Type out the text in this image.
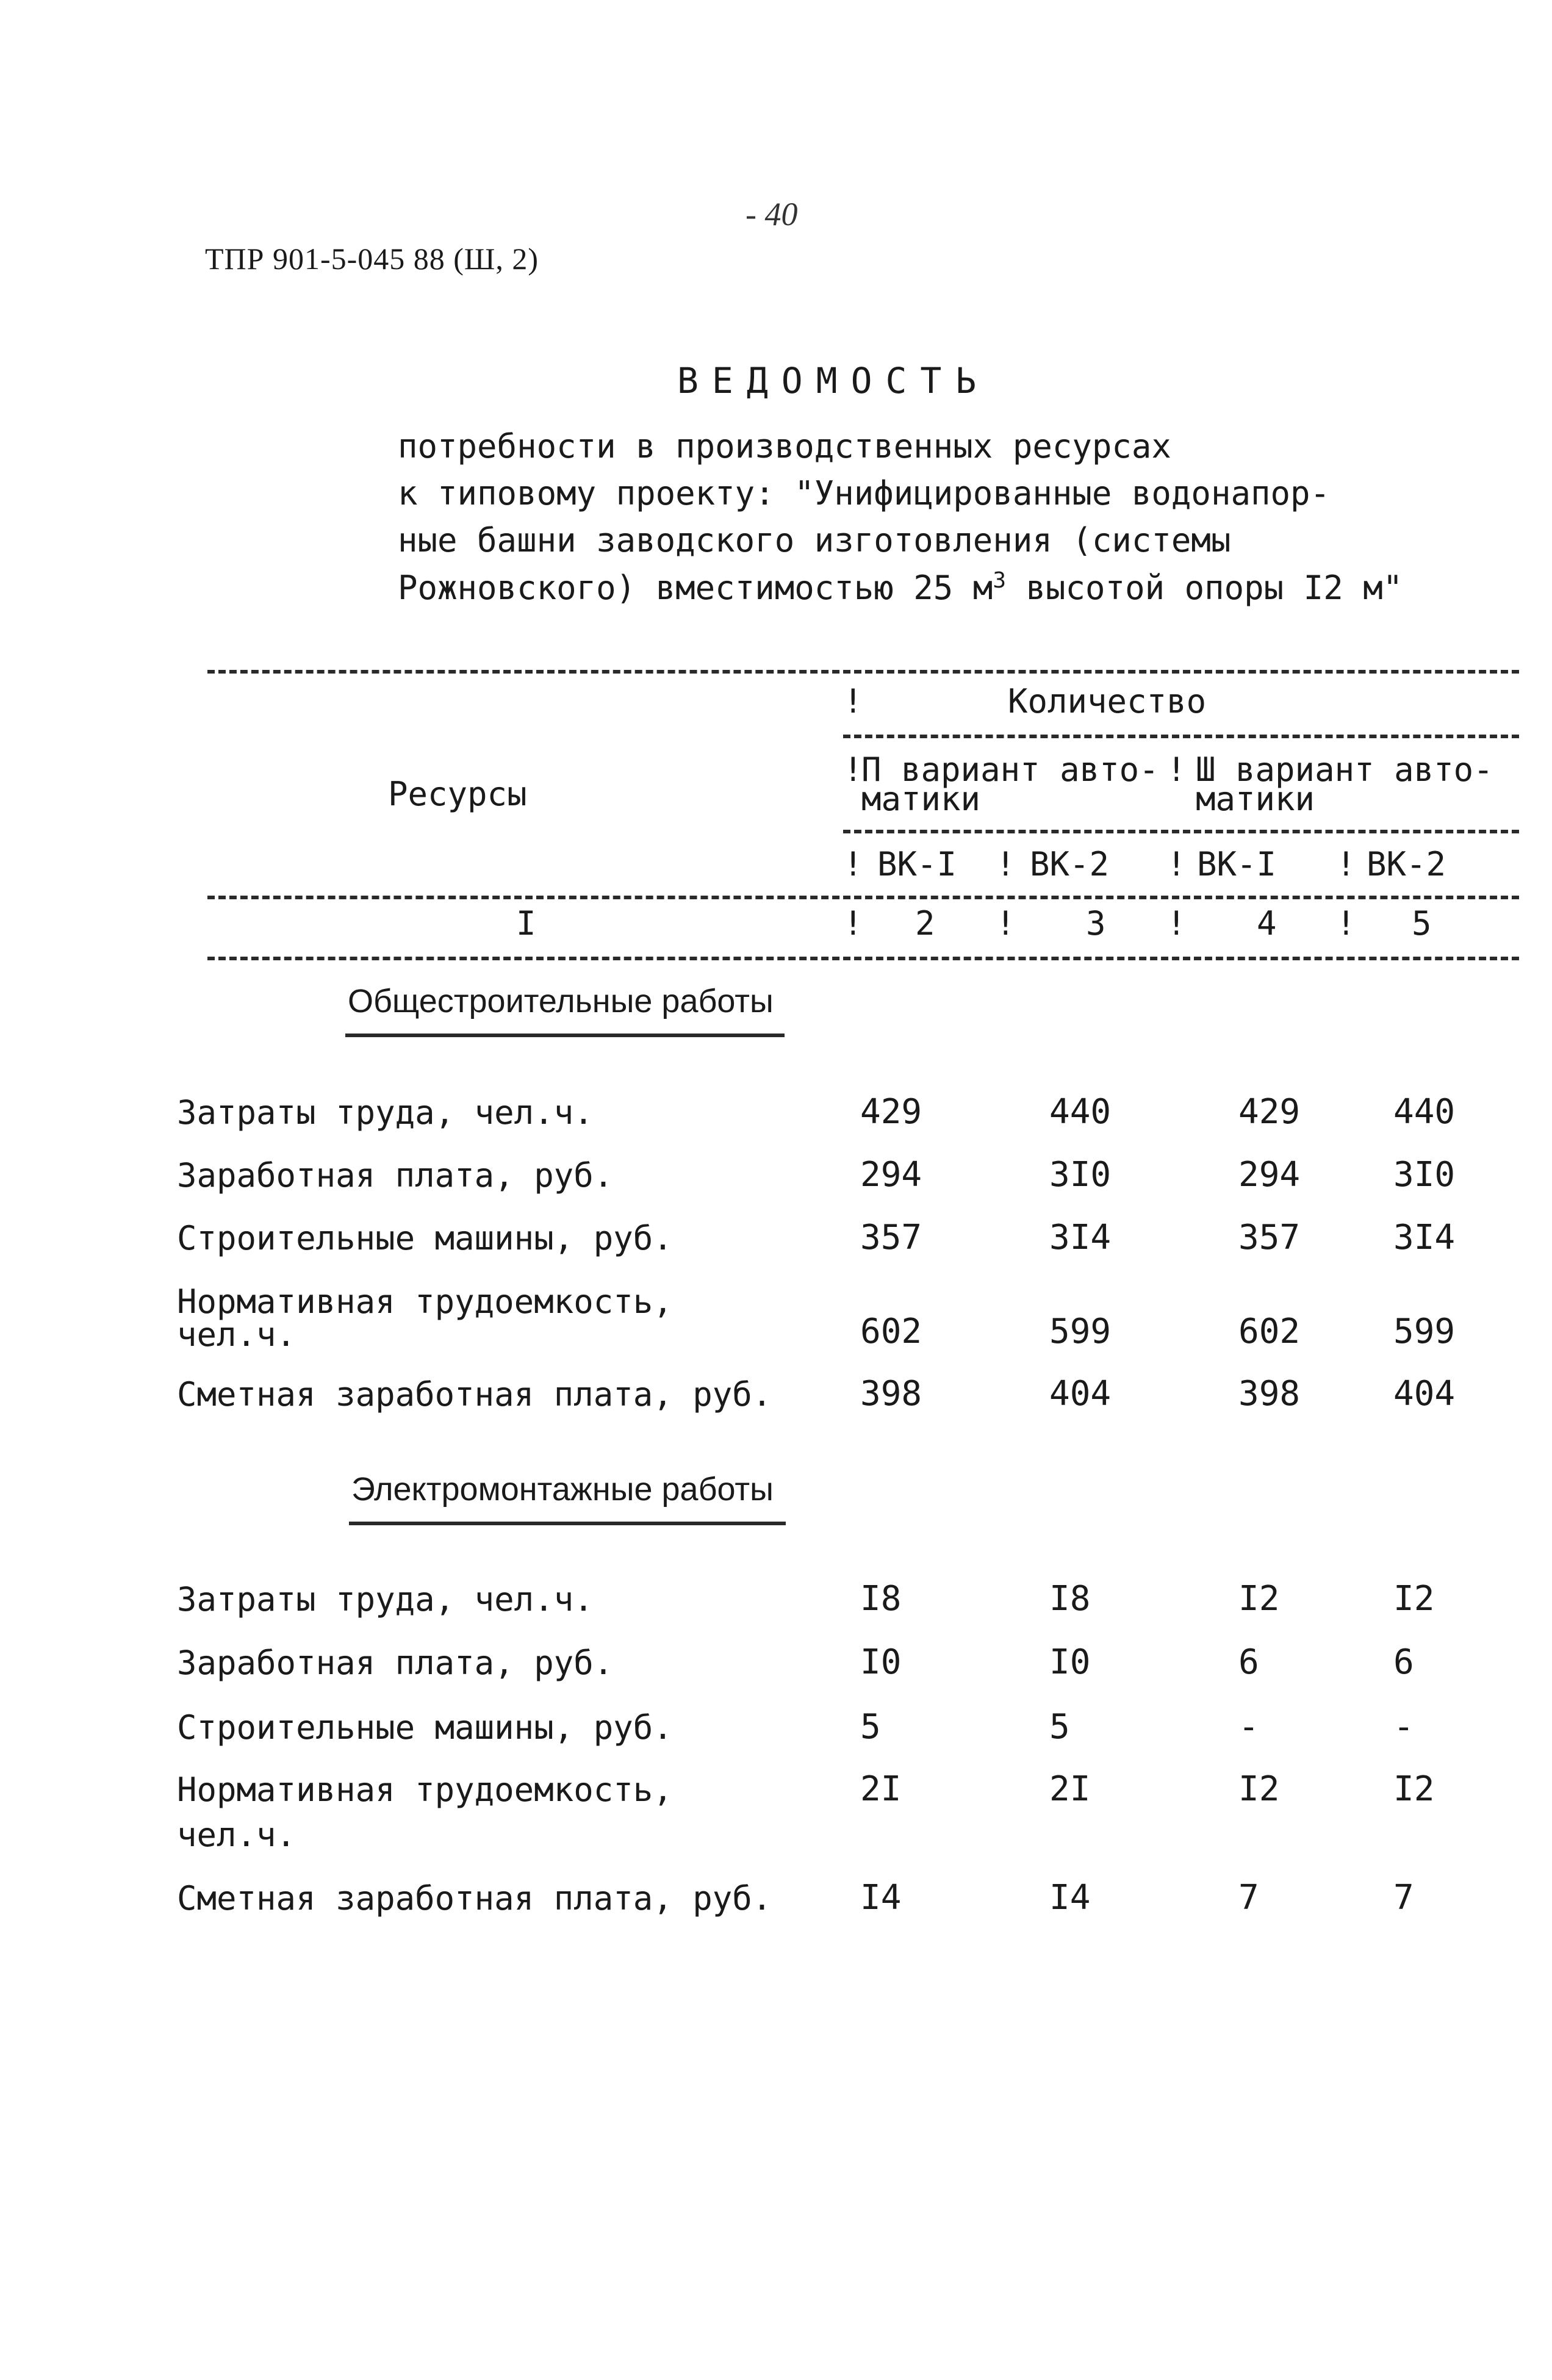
ТПР 901-5-045 88 (Ш, 2)
- 40
ВЕДОМОСТЬ
потребности в производственных ресурсах
к типовому проекту: "Унифицированные водонапор-
ные башни заводского изготовления (системы
Рожновского) вместимостью 25 $м^3$ высотой опоры I2 м"
!	Количество
Ресурсы
!
П вариант авто-
матики
! Ш вариант авто-
матики
! ВК-I ! ВК-2 ! ВК-I ! ВК-2
I	! 2 ! 3 ! 4 ! 5
Общестроительные работы
Затраты труда, чел.ч.	429	440	429	440
Заработная плата, руб.	294	3I0	294	3I0
Строительные машины, руб.	357	3I4	357	3I4
Нормативная трудоемкость,
чел.ч.	602	599	602	599
Сметная заработная плата, руб.	398	404	398	404
Электромонтажные работы
Затраты труда, чел.ч.	I8	I8	I2	I2
Заработная плата, руб.	I0	I0	6	6
Строительные машины, руб.	5	5	-	-
Нормативная трудоемкость,
чел.ч.
2I	2I	I2	I2
Сметная заработная плата, руб.	I4	I4	7	7
